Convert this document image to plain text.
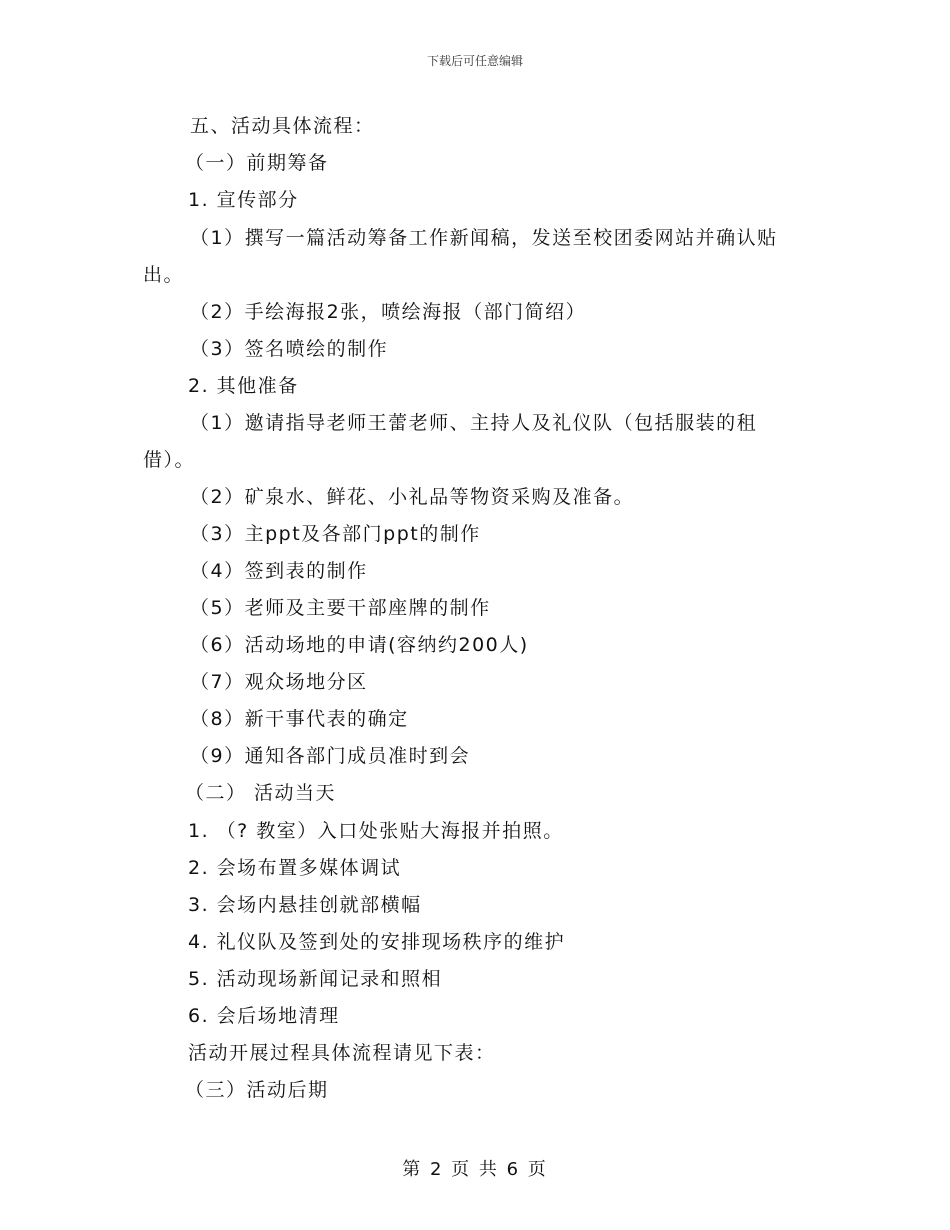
下载后可任意编辑
五、活动具体流程：
（一）前期筹备
1. 宣传部分
（1）撰写一篇活动筹备工作新闻稿，发送至校团委网站并确认贴
出。
（2）手绘海报2张，喷绘海报（部门简绍）
（3）签名喷绘的制作
2. 其他准备
（1）邀请指导老师王蕾老师、主持人及礼仪队（包括服装的租
借）。
（2）矿泉水、鲜花、小礼品等物资采购及准备。
（3）主ppt及各部门ppt的制作
（4）签到表的制作
（5）老师及主要干部座牌的制作
（6）活动场地的申请(容纳约200人)
（7）观众场地分区
（8）新干事代表的确定
（9）通知各部门成员准时到会
（二） 活动当天
1. （? 教室）入口处张贴大海报并拍照。
2. 会场布置多媒体调试
3. 会场内悬挂创就部横幅
4. 礼仪队及签到处的安排现场秩序的维护
5. 活动现场新闻记录和照相
6. 会后场地清理
活动开展过程具体流程请见下表：
（三）活动后期
第 2 页 共 6 页
